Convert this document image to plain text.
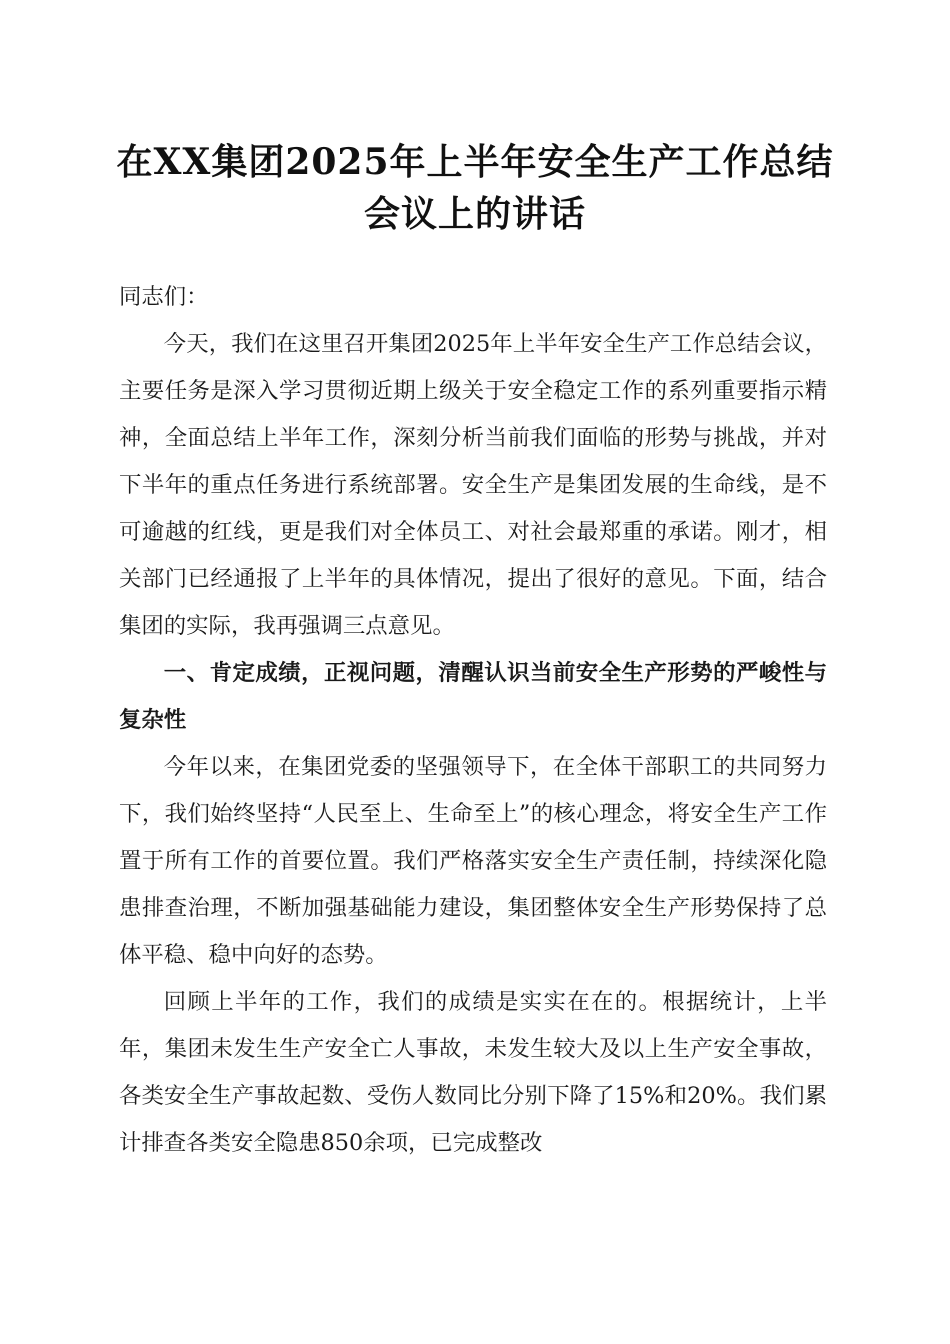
在XX集团2025年上半年安全生产工作总结
会议上的讲话

同志们：

今天，我们在这里召开集团2025年上半年安全生产工作总结会议，主要任务是深入学习贯彻近期上级关于安全稳定工作的系列重要指示精神，全面总结上半年工作，深刻分析当前我们面临的形势与挑战，并对下半年的重点任务进行系统部署。安全生产是集团发展的生命线，是不可逾越的红线，更是我们对全体员工、对社会最郑重的承诺。刚才，相关部门已经通报了上半年的具体情况，提出了很好的意见。下面，结合集团的实际，我再强调三点意见。

一、肯定成绩，正视问题，清醒认识当前安全生产形势的严峻性与复杂性

今年以来，在集团党委的坚强领导下，在全体干部职工的共同努力下，我们始终坚持“人民至上、生命至上”的核心理念，将安全生产工作置于所有工作的首要位置。我们严格落实安全生产责任制，持续深化隐患排查治理，不断加强基础能力建设，集团整体安全生产形势保持了总体平稳、稳中向好的态势。

回顾上半年的工作，我们的成绩是实实在在的。根据统计，上半年，集团未发生生产安全亡人事故，未发生较大及以上生产安全事故，各类安全生产事故起数、受伤人数同比分别下降了15%和20%。我们累计排查各类安全隐患850余项，已完成整改
